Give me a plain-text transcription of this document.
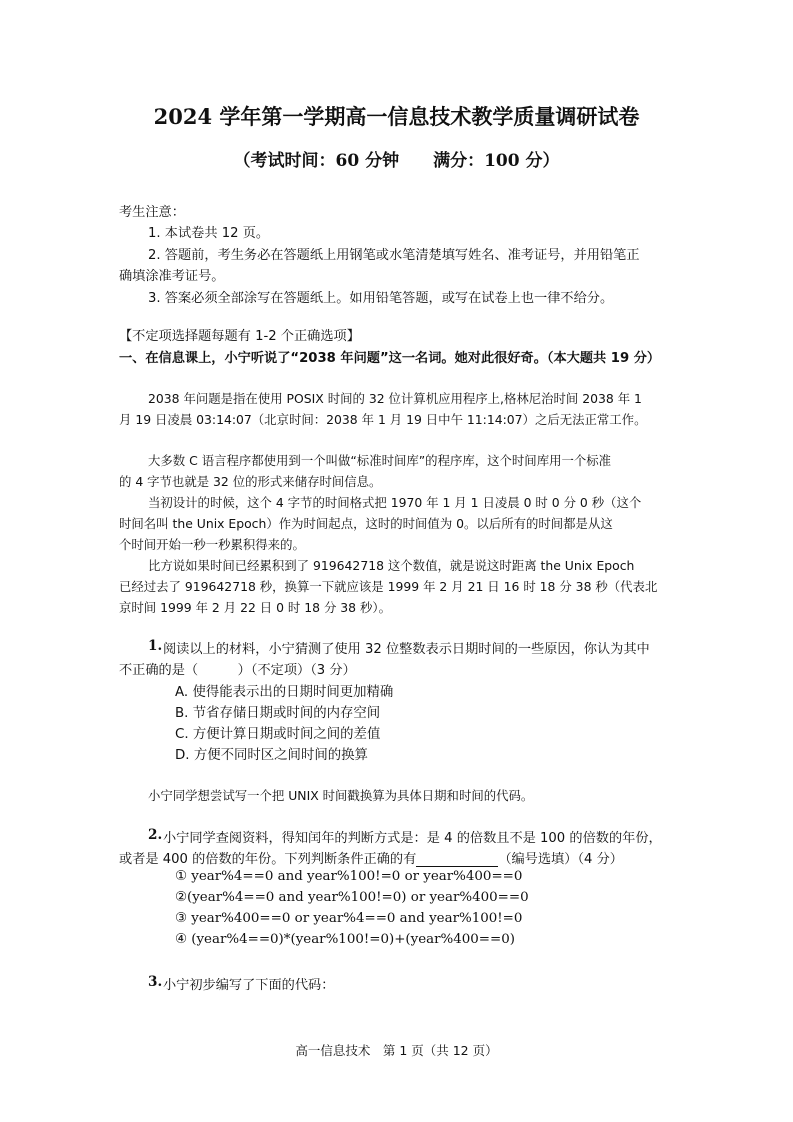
2024 学年第一学期高一信息技术教学质量调研试卷
（考试时间：60 分钟　　满分：100 分）
考生注意：
1. 本试卷共 12 页。
2. 答题前，考生务必在答题纸上用钢笔或水笔清楚填写姓名、准考证号，并用铅笔正
确填涂准考证号。
3. 答案必须全部涂写在答题纸上。如用铅笔答题，或写在试卷上也一律不给分。
【不定项选择题每题有 1-2 个正确选项】
一、在信息课上，小宁听说了“2038 年问题”这一名词。她对此很好奇。（本大题共 19 分）
2038 年问题是指在使用 POSIX 时间的 32 位计算机应用程序上,格林尼治时间 2038 年 1
月 19 日凌晨 03:14:07（北京时间：2038 年 1 月 19 日中午 11:14:07）之后无法正常工作。
大多数 C 语言程序都使用到一个叫做“标准时间库”的程序库，这个时间库用一个标准
的 4 字节也就是 32 位的形式来储存时间信息。
当初设计的时候，这个 4 字节的时间格式把 1970 年 1 月 1 日凌晨 0 时 0 分 0 秒（这个
时间名叫 the Unix Epoch）作为时间起点，这时的时间值为 0。以后所有的时间都是从这
个时间开始一秒一秒累积得来的。
比方说如果时间已经累积到了 919642718 这个数值，就是说这时距离 the Unix Epoch
已经过去了 919642718 秒，换算一下就应该是 1999 年 2 月 21 日 16 时 18 分 38 秒（代表北
京时间 1999 年 2 月 22 日 0 时 18 分 38 秒）。
1. 阅读以上的材料，小宁猜测了使用 32 位整数表示日期时间的一些原因，你认为其中
不正确的是（　　　）（不定项）（3 分）
A. 使得能表示出的日期时间更加精确
B. 节省存储日期或时间的内存空间
C. 方便计算日期或时间之间的差值
D. 方便不同时区之间时间的换算
小宁同学想尝试写一个把 UNIX 时间戳换算为具体日期和时间的代码。
2. 小宁同学查阅资料，得知闰年的判断方式是：是 4 的倍数且不是 100 的倍数的年份，
或者是 400 的倍数的年份。下列判断条件正确的有	（编号选填）（4 分）
① year%4==0 and year%100!=0 or year%400==0
②(year%4==0 and year%100!=0) or year%400==0
③ year%400==0 or year%4==0 and year%100!=0
④ (year%4==0)*(year%100!=0)+(year%400==0)
3. 小宁初步编写了下面的代码：
高一信息技术　第 1 页（共 12 页）
